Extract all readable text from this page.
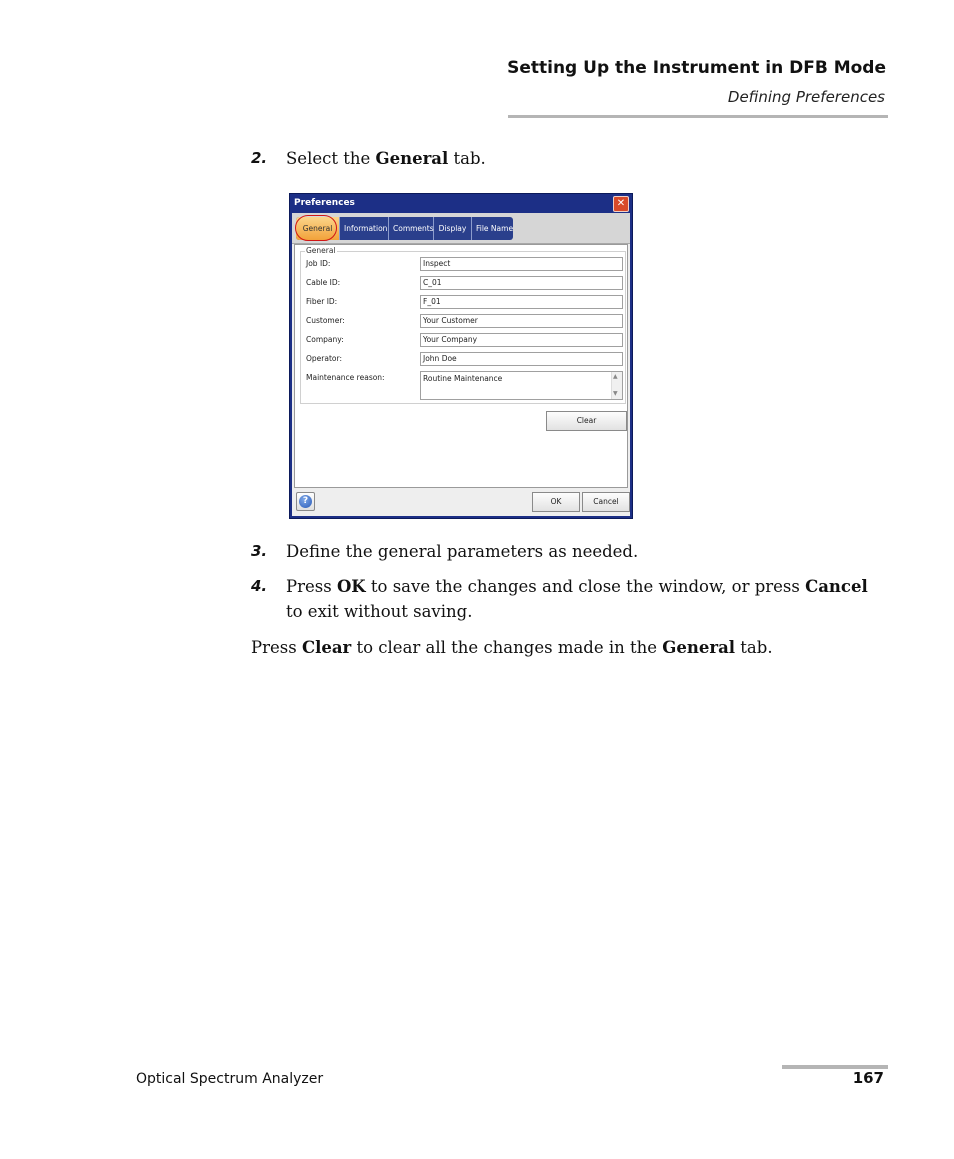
Setting Up the Instrument in DFB Mode
Defining Preferences
2. Select the General tab.
Preferences	✕
General	Information Comments Display	File Name
General
Job ID:	Inspect
Cable ID:	C_01
Fiber ID:	F_01
Customer:	Your Customer
Company:	Your Company
Operator:	John Doe
Maintenance reason:	Routine Maintenance	▲
▼
Clear
?	OK	Cancel
3. Define the general parameters as needed.
4. Press OK to save the changes and close the window, or press Cancel to exit without saving.
Press Clear to clear all the changes made in the General tab.
Optical Spectrum Analyzer	167
